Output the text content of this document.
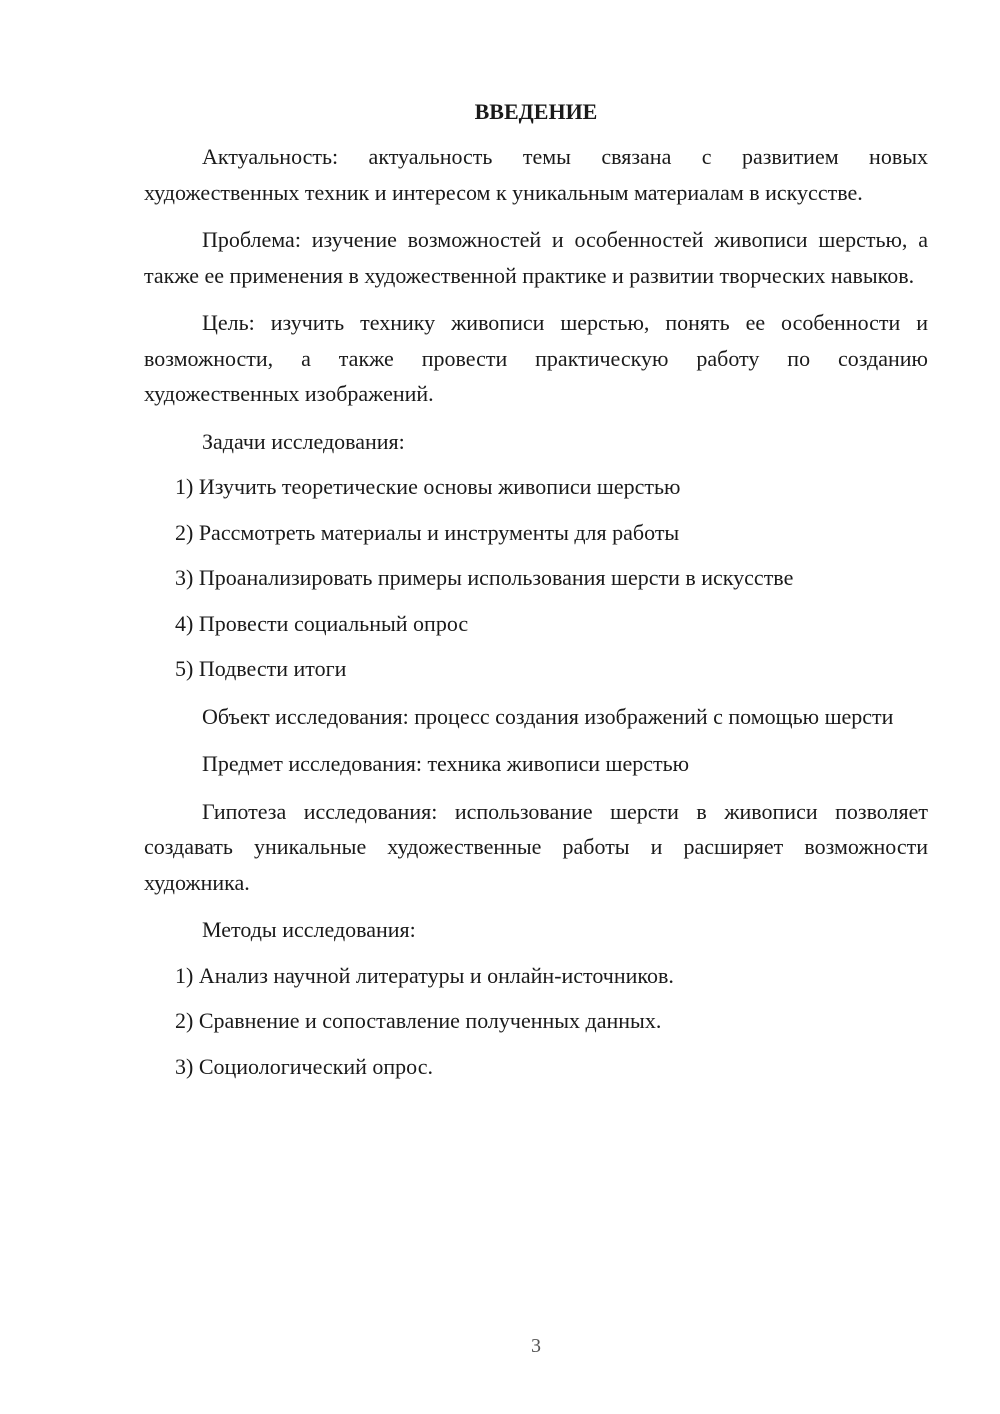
ВВЕДЕНИЕ

Актуальность: актуальность темы связана с развитием новых художественных техник и интересом к уникальным материалам в искусстве.

Проблема: изучение возможностей и особенностей живописи шерстью, а также ее применения в художественной практике и развитии творческих навыков.

Цель: изучить технику живописи шерстью, понять ее особенности и возможности, а также провести практическую работу по созданию художественных изображений.

Задачи исследования:

1) Изучить теоретические основы живописи шерстью

2) Рассмотреть материалы и инструменты для работы

3) Проанализировать примеры использования шерсти в искусстве

4) Провести социальный опрос

5) Подвести итоги

Объект исследования: процесс создания изображений с помощью шерсти

Предмет исследования: техника живописи шерстью

Гипотеза исследования: использование шерсти в живописи позволяет создавать уникальные художественные работы и расширяет возможности художника.

Методы исследования:

1) Анализ научной литературы и онлайн-источников.

2) Сравнение и сопоставление полученных данных.

3) Социологический опрос.

3
